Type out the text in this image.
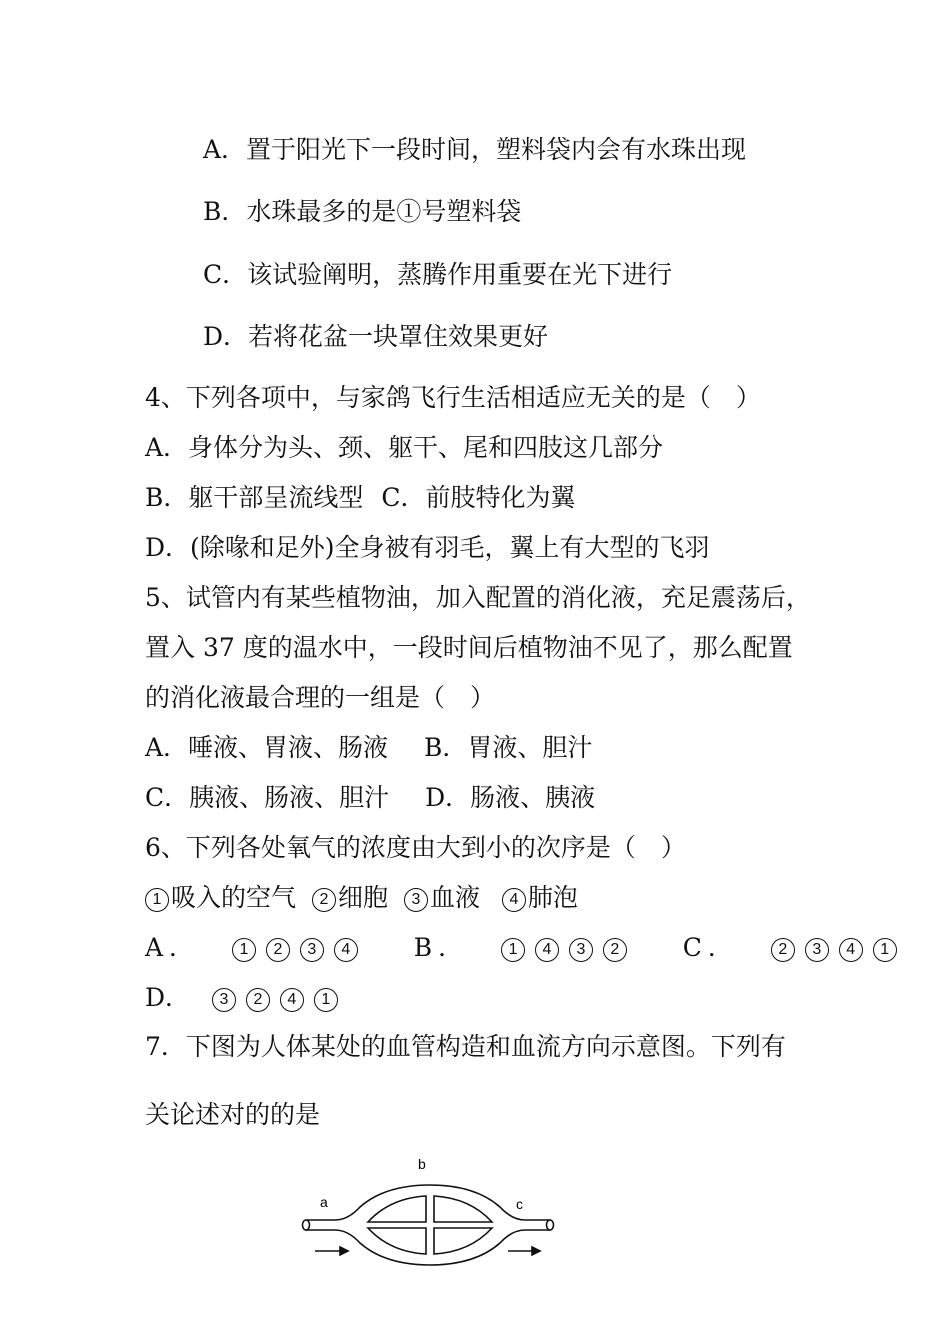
A．置于阳光下一段时间，塑料袋内会有水珠出现
B．水珠最多的是①号塑料袋
C．该试验阐明，蒸腾作用重要在光下进行
D．若将花盆一块罩住效果更好
4、下列各项中，与家鸽飞行生活相适应无关的是（　）
A．身体分为头、颈、躯干、尾和四肢这几部分
B．躯干部呈流线型 C．前肢特化为翼
D．(除喙和足外)全身被有羽毛，翼上有大型的飞羽
5、试管内有某些植物油，加入配置的消化液，充足震荡后，
置入 37 度的温水中，一段时间后植物油不见了，那么配置
的消化液最合理的一组是（　）
A．唾液、胃液、肠液 B．胃液、胆汁
C．胰液、肠液、胆汁 D．肠液、胰液
6、下列各处氧气的浓度由大到小的次序是（　）
1 吸入的空气 2 细胞 3 血液 4 肺泡
A． 1 2 3 4	B． 1 4 3 2	C． 2 3 4 1
D． 3 2 4 1
7．下图为人体某处的血管构造和血流方向示意图。下列有
关论述对的的是
a
b
c
